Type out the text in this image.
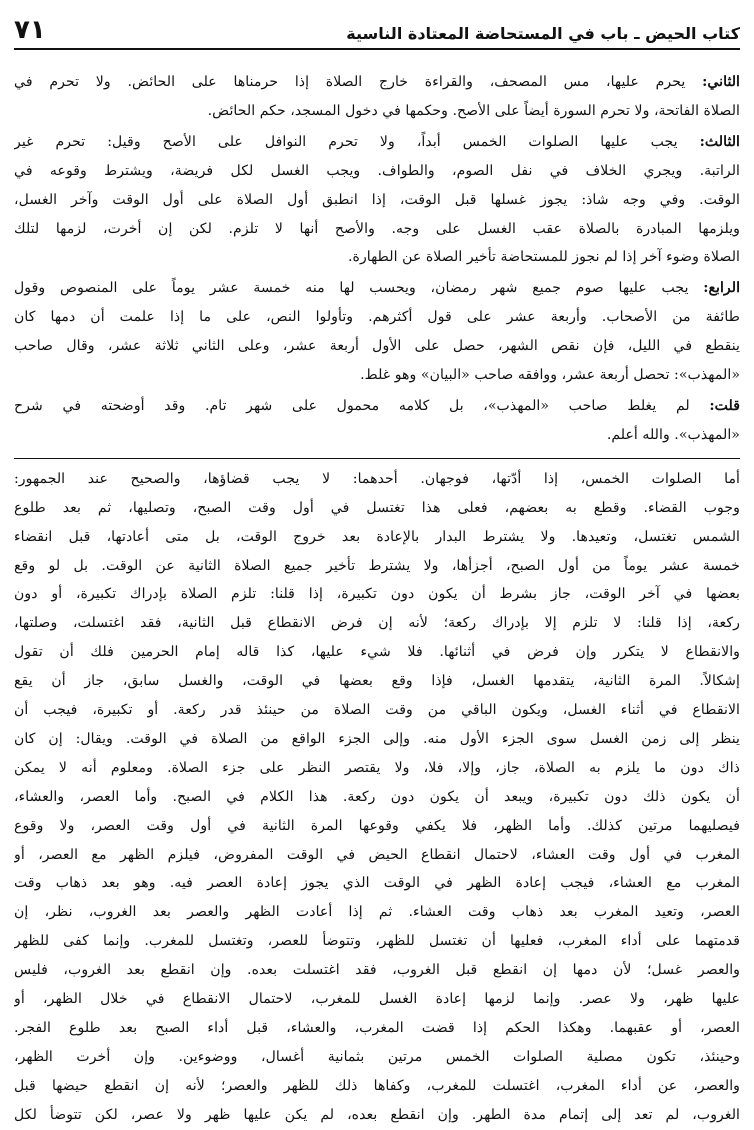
كتاب الحيض ـ باب في المستحاضة المعتادة الناسية
٧١

الثاني: يحرم عليها، مس المصحف، والقراءة خارج الصلاة إذا حرمناها على الحائض. ولا تحرم في
الصلاة الفاتحة، ولا تحرم السورة أيضاً على الأصح. وحكمها في دخول المسجد، حكم الحائض.

الثالث: يجب عليها الصلوات الخمس أبداً، ولا تحرم النوافل على الأصح وقيل: تحرم غير
الراتبة. ويجري الخلاف في نفل الصوم، والطواف. ويجب الغسل لكل فريضة، ويشترط وقوعه في
الوقت. وفي وجه شاذ: يجوز غسلها قبل الوقت، إذا انطبق أول الصلاة على أول الوقت وآخر الغسل،
ويلزمها المبادرة بالصلاة عقب الغسل على وجه. والأصح أنها لا تلزم. لكن إن أخرت، لزمها لتلك
الصلاة وضوء آخر إذا لم نجوز للمستحاضة تأخير الصلاة عن الطهارة.

الرابع: يجب عليها صوم جميع شهر رمضان، ويحسب لها منه خمسة عشر يوماً على المنصوص وقول
طائفة من الأصحاب. وأربعة عشر على قول أكثرهم. وتأولوا النص، على ما إذا علمت أن دمها كان
ينقطع في الليل، فإن نقص الشهر، حصل على الأول أربعة عشر، وعلى الثاني ثلاثة عشر، وقال صاحب
«المهذب»: تحصل أربعة عشر، ووافقه صاحب «البيان» وهو غلط.

قلت: لم يغلط صاحب «المهذب»، بل كلامه محمول على شهر تام. وقد أوضحته في شرح
«المهذب». والله أعلم.

أما الصلوات الخمس، إذا أدّتها، فوجهان. أحدهما: لا يجب قضاؤها، والصحيح عند الجمهور:
وجوب القضاء. وقطع به بعضهم، فعلى هذا تغتسل في أول وقت الصبح، وتصليها، ثم بعد طلوع
الشمس تغتسل، وتعيدها. ولا يشترط البدار بالإعادة بعد خروج الوقت، بل متى أعادتها، قبل انقضاء
خمسة عشر يوماً من أول الصبح، أجزأها، ولا يشترط تأخير جميع الصلاة الثانية عن الوقت. بل لو وقع
بعضها في آخر الوقت، جاز بشرط أن يكون دون تكبيرة، إذا قلنا: تلزم الصلاة بإدراك تكبيرة، أو دون
ركعة، إذا قلنا: لا تلزم إلا بإدراك ركعة؛ لأنه إن فرض الانقطاع قبل الثانية، فقد اغتسلت، وصلتها،
والانقطاع لا يتكرر وإن فرض في أثنائها. فلا شيء عليها، كذا قاله إمام الحرمين فلك أن تقول
إشكالاً. المرة الثانية، يتقدمها الغسل، فإذا وقع بعضها في الوقت، والغسل سابق، جاز أن يقع
الانقطاع في أثناء الغسل، ويكون الباقي من وقت الصلاة من حينئذ قدر ركعة. أو تكبيرة، فيجب أن
ينظر إلى زمن الغسل سوى الجزء الأول منه. وإلى الجزء الواقع من الصلاة في الوقت. ويقال: إن كان
ذاك دون ما يلزم به الصلاة، جاز، وإلا، فلا، ولا يقتصر النظر على جزء الصلاة. ومعلوم أنه لا يمكن
أن يكون ذلك دون تكبيرة، ويبعد أن يكون دون ركعة. هذا الكلام في الصبح. وأما العصر، والعشاء،
فيصليهما مرتين كذلك. وأما الظهر، فلا يكفي وقوعها المرة الثانية في أول وقت العصر، ولا وقوع
المغرب في أول وقت العشاء، لاحتمال انقطاع الحيض في الوقت المفروض، فيلزم الظهر مع العصر، أو
المغرب مع العشاء، فيجب إعادة الظهر في الوقت الذي يجوز إعادة العصر فيه. وهو بعد ذهاب وقت
العصر، وتعيد المغرب بعد ذهاب وقت العشاء. ثم إذا أعادت الظهر والعصر بعد الغروب، نظر، إن
قدمتهما على أداء المغرب، فعليها أن تغتسل للظهر، وتتوضأ للعصر، وتغتسل للمغرب. وإنما كفى للظهر
والعصر غسل؛ لأن دمها إن انقطع قبل الغروب، فقد اغتسلت بعده. وإن انقطع بعد الغروب، فليس
عليها ظهر، ولا عصر. وإنما لزمها إعادة الغسل للمغرب، لاحتمال الانقطاع في خلال الظهر، أو
العصر، أو عقبهما. وهكذا الحكم إذا قضت المغرب، والعشاء، قبل أداء الصبح بعد طلوع الفجر.
وحينئذ، تكون مصلية الصلوات الخمس مرتين بثمانية أغسال، ووضوءين. وإن أخرت الظهر،
والعصر، عن أداء المغرب، اغتسلت للمغرب، وكفاها ذلك للظهر والعصر؛ لأنه إن انقطع حيضها قبل
الغروب، لم تعد إلى إتمام مدة الطهر. وإن انقطع بعده، لم يكن عليها ظهر ولا عصر، لكن تتوضأ لكل
